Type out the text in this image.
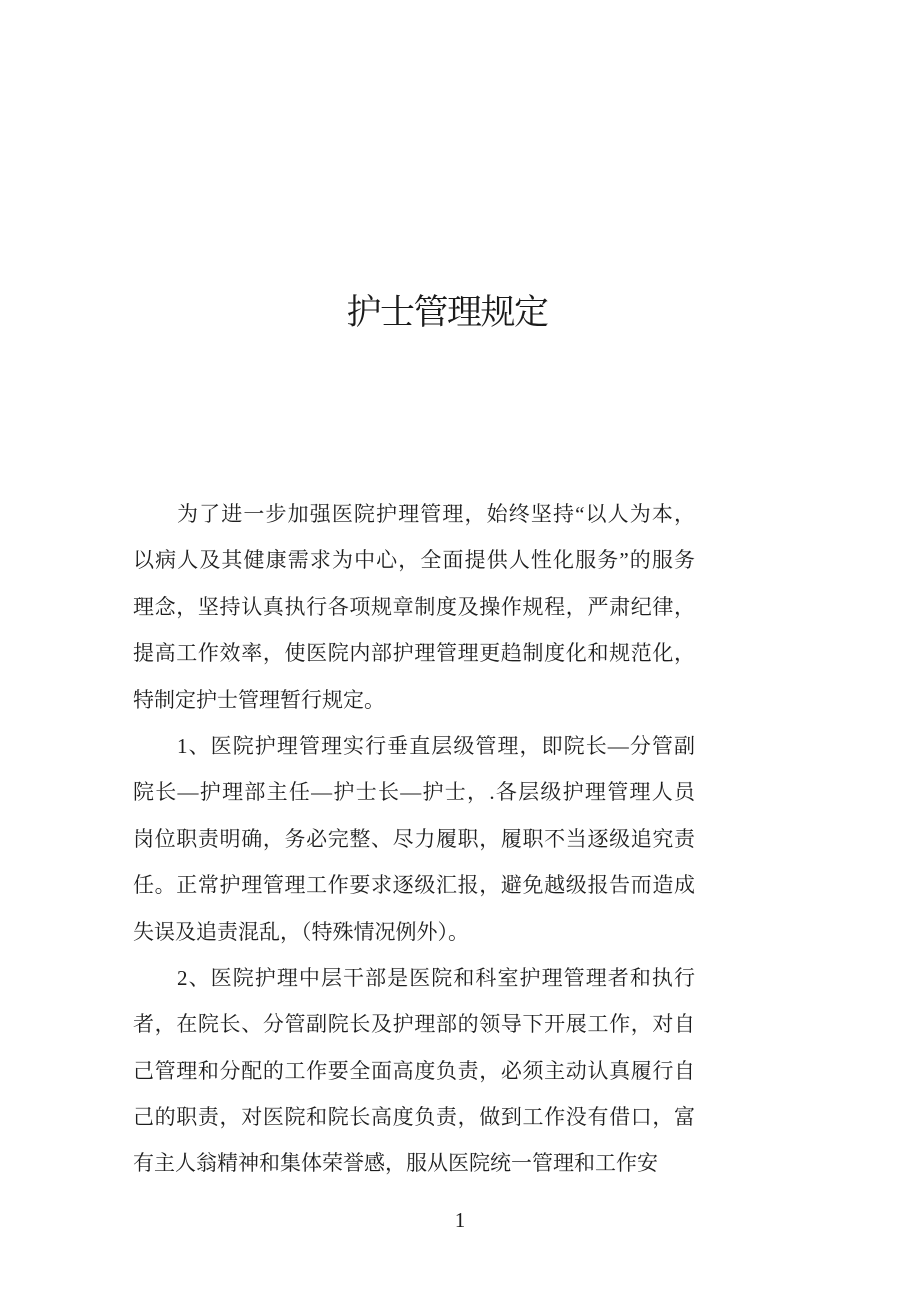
护士管理规定
为了进一步加强医院护理管理，始终坚持“以人为本，
以病人及其健康需求为中心，全面提供人性化服务”的服务
理念，坚持认真执行各项规章制度及操作规程，严肃纪律，
提高工作效率，使医院内部护理管理更趋制度化和规范化，
特制定护士管理暂行规定。
1、医院护理管理实行垂直层级管理，即院长—分管副
院长—护理部主任—护士长—护士，.各层级护理管理人员
岗位职责明确，务必完整、尽力履职，履职不当逐级追究责
任。正常护理管理工作要求逐级汇报，避免越级报告而造成
失误及追责混乱，（特殊情况例外）。
2、医院护理中层干部是医院和科室护理管理者和执行
者，在院长、分管副院长及护理部的领导下开展工作，对自
己管理和分配的工作要全面高度负责，必须主动认真履行自
己的职责，对医院和院长高度负责，做到工作没有借口，富
有主人翁精神和集体荣誉感，服从医院统一管理和工作安
1
